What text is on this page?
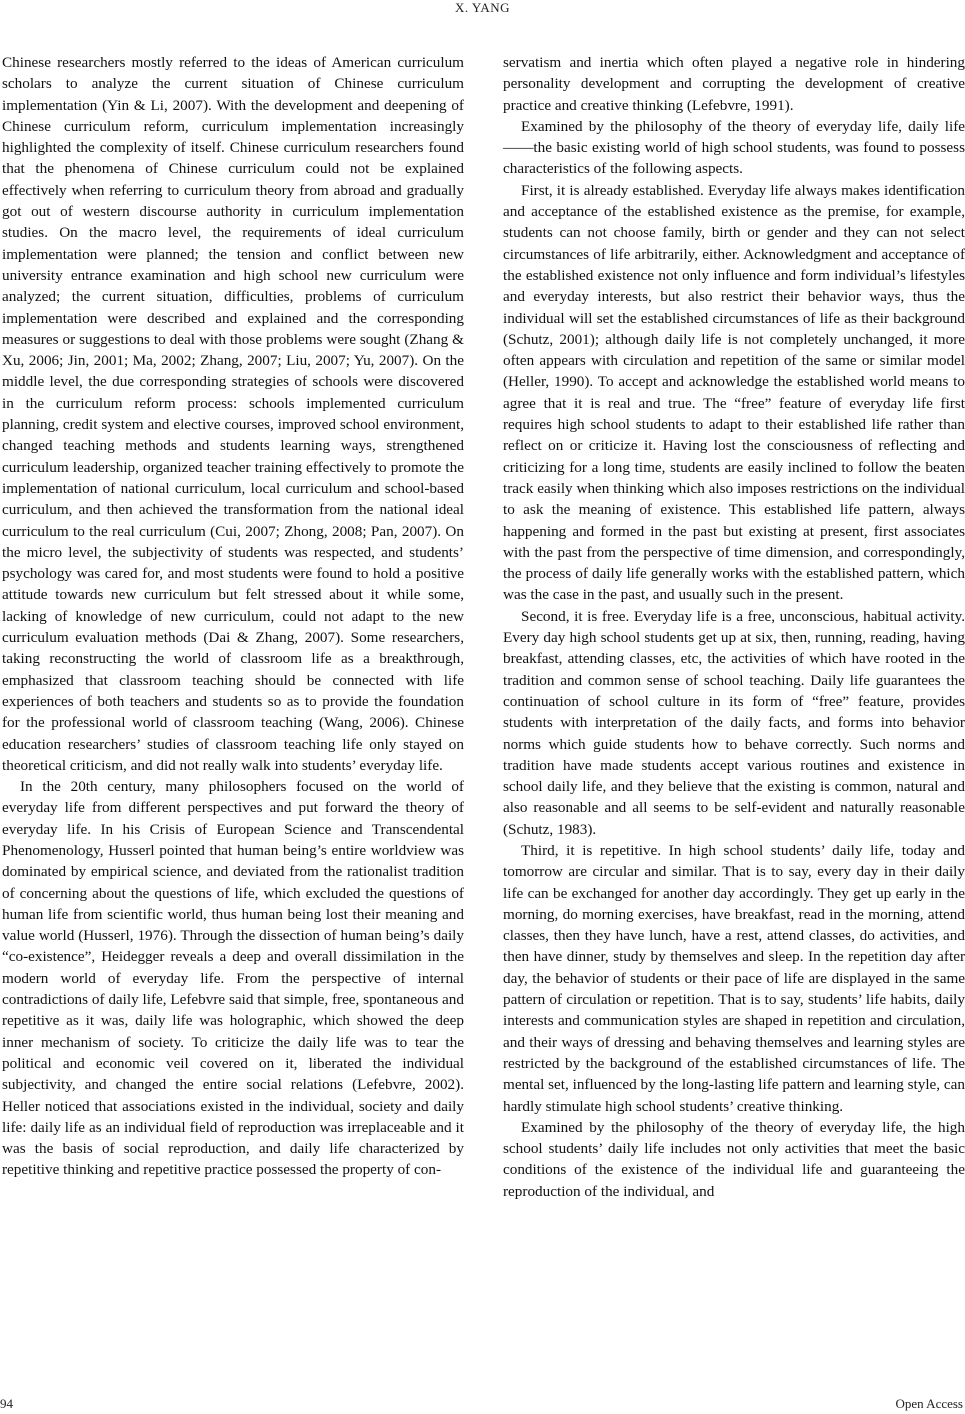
X. YANG

Chinese researchers mostly referred to the ideas of American curriculum scholars to analyze the current situation of Chinese curriculum implementation (Yin & Li, 2007). With the development and deepening of Chinese curriculum reform, curriculum implementation increasingly highlighted the complexity of itself. Chinese curriculum researchers found that the phenomena of Chinese curriculum could not be explained effectively when referring to curriculum theory from abroad and gradually got out of western discourse authority in curriculum implementation studies. On the macro level, the requirements of ideal curriculum implementation were planned; the tension and conflict between new university entrance examination and high school new curriculum were analyzed; the current situation, difficulties, problems of curriculum implementation were described and explained and the corresponding measures or suggestions to deal with those problems were sought (Zhang & Xu, 2006; Jin, 2001; Ma, 2002; Zhang, 2007; Liu, 2007; Yu, 2007). On the middle level, the due corresponding strategies of schools were discovered in the curriculum reform process: schools implemented curriculum planning, credit system and elective courses, improved school environment, changed teaching methods and students learning ways, strengthened curriculum leadership, organized teacher training effectively to promote the implementation of national curriculum, local curriculum and school-based curriculum, and then achieved the transformation from the national ideal curriculum to the real curriculum (Cui, 2007; Zhong, 2008; Pan, 2007). On the micro level, the subjectivity of students was respected, and students’ psychology was cared for, and most students were found to hold a positive attitude towards new curriculum but felt stressed about it while some, lacking of knowledge of new curriculum, could not adapt to the new curriculum evaluation methods (Dai & Zhang, 2007). Some researchers, taking reconstructing the world of classroom life as a breakthrough, emphasized that classroom teaching should be connected with life experiences of both teachers and students so as to provide the foundation for the professional world of classroom teaching (Wang, 2006). Chinese education researchers’ studies of classroom teaching life only stayed on theoretical criticism, and did not really walk into students’ everyday life.

In the 20th century, many philosophers focused on the world of everyday life from different perspectives and put forward the theory of everyday life. In his Crisis of European Science and Transcendental Phenomenology, Husserl pointed that human being’s entire worldview was dominated by empirical science, and deviated from the rationalist tradition of concerning about the questions of life, which excluded the questions of human life from scientific world, thus human being lost their meaning and value world (Husserl, 1976). Through the dissection of human being’s daily “co-existence”, Heidegger reveals a deep and overall dissimilation in the modern world of everyday life. From the perspective of internal contradictions of daily life, Lefebvre said that simple, free, spontaneous and repetitive as it was, daily life was holographic, which showed the deep inner mechanism of society. To criticize the daily life was to tear the political and economic veil covered on it, liberated the individual subjectivity, and changed the entire social relations (Lefebvre, 2002). Heller noticed that associations existed in the individual, society and daily life: daily life as an individual field of reproduction was irreplaceable and it was the basis of social reproduction, and daily life characterized by repetitive thinking and repetitive practice possessed the property of con-

servatism and inertia which often played a negative role in hindering personality development and corrupting the development of creative practice and creative thinking (Lefebvre, 1991).

Examined by the philosophy of the theory of everyday life, daily life——the basic existing world of high school students, was found to possess characteristics of the following aspects.

First, it is already established. Everyday life always makes identification and acceptance of the established existence as the premise, for example, students can not choose family, birth or gender and they can not select circumstances of life arbitrarily, either. Acknowledgment and acceptance of the established existence not only influence and form individual’s lifestyles and everyday interests, but also restrict their behavior ways, thus the individual will set the established circumstances of life as their background (Schutz, 2001); although daily life is not completely unchanged, it more often appears with circulation and repetition of the same or similar model (Heller, 1990). To accept and acknowledge the established world means to agree that it is real and true. The “free” feature of everyday life first requires high school students to adapt to their established life rather than reflect on or criticize it. Having lost the consciousness of reflecting and criticizing for a long time, students are easily inclined to follow the beaten track easily when thinking which also imposes restrictions on the individual to ask the meaning of existence. This established life pattern, always happening and formed in the past but existing at present, first associates with the past from the perspective of time dimension, and correspondingly, the process of daily life generally works with the established pattern, which was the case in the past, and usually such in the present.

Second, it is free. Everyday life is a free, unconscious, habitual activity. Every day high school students get up at six, then, running, reading, having breakfast, attending classes, etc, the activities of which have rooted in the tradition and common sense of school teaching. Daily life guarantees the continuation of school culture in its form of “free” feature, provides students with interpretation of the daily facts, and forms into behavior norms which guide students how to behave correctly. Such norms and tradition have made students accept various routines and existence in school daily life, and they believe that the existing is common, natural and also reasonable and all seems to be self-evident and naturally reasonable (Schutz, 1983).

Third, it is repetitive. In high school students’ daily life, today and tomorrow are circular and similar. That is to say, every day in their daily life can be exchanged for another day accordingly. They get up early in the morning, do morning exercises, have breakfast, read in the morning, attend classes, then they have lunch, have a rest, attend classes, do activities, and then have dinner, study by themselves and sleep. In the repetition day after day, the behavior of students or their pace of life are displayed in the same pattern of circulation or repetition. That is to say, students’ life habits, daily interests and communication styles are shaped in repetition and circulation, and their ways of dressing and behaving themselves and learning styles are restricted by the background of the established circumstances of life. The mental set, influenced by the long-lasting life pattern and learning style, can hardly stimulate high school students’ creative thinking.

Examined by the philosophy of the theory of everyday life, the high school students’ daily life includes not only activities that meet the basic conditions of the existence of the individual life and guaranteeing the reproduction of the individual, and

94	Open Access
